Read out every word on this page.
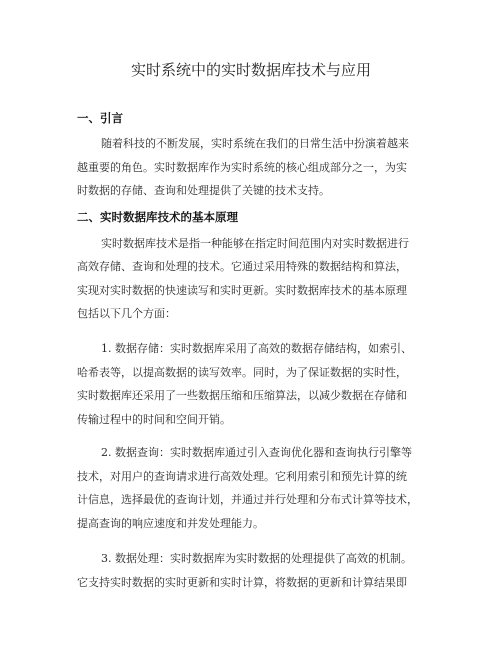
实时系统中的实时数据库技术与应用
一、引言
随着科技的不断发展，实时系统在我们的日常生活中扮演着越来
越重要的角色。实时数据库作为实时系统的核心组成部分之一，为实
时数据的存储、查询和处理提供了关键的技术支持。
二、实时数据库技术的基本原理
实时数据库技术是指一种能够在指定时间范围内对实时数据进行
高效存储、查询和处理的技术。它通过采用特殊的数据结构和算法，
实现对实时数据的快速读写和实时更新。实时数据库技术的基本原理
包括以下几个方面：
1. 数据存储：实时数据库采用了高效的数据存储结构，如索引、
哈希表等，以提高数据的读写效率。同时，为了保证数据的实时性，
实时数据库还采用了一些数据压缩和压缩算法，以减少数据在存储和
传输过程中的时间和空间开销。
2. 数据查询：实时数据库通过引入查询优化器和查询执行引擎等
技术，对用户的查询请求进行高效处理。它利用索引和预先计算的统
计信息，选择最优的查询计划，并通过并行处理和分布式计算等技术，
提高查询的响应速度和并发处理能力。
3. 数据处理：实时数据库为实时数据的处理提供了高效的机制。
它支持实时数据的实时更新和实时计算，将数据的更新和计算结果即
